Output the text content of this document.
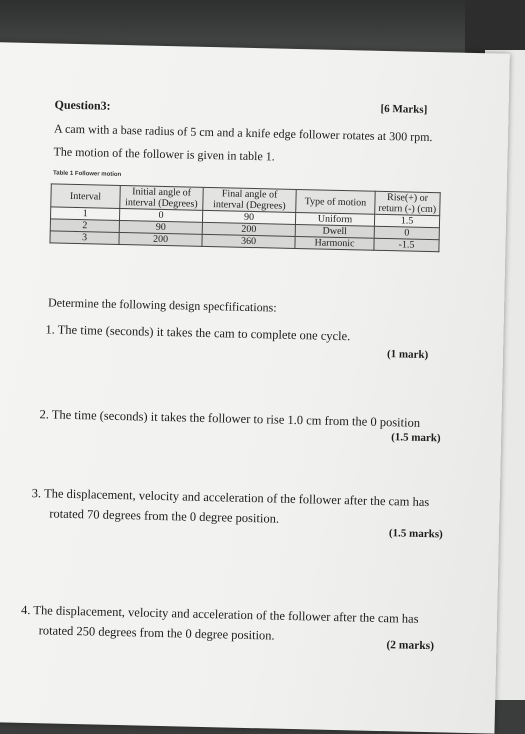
Question3:	[6 Marks]
A cam with a base radius of 5 cm and a knife edge follower rotates at 300 rpm.
The motion of the follower is given in table 1.
Table 1 Follower motion
Interval	Initial angle of interval (Degrees)	Final angle of interval (Degrees)	Type of motion	Rise(+) or return (-) (cm)
1	0	90	Uniform	1.5
2	90	200	Dwell	0
3	200	360	Harmonic	-1.5
Determine the following design specfifications:
1. The time (seconds) it takes the cam to complete one cycle.
(1 mark)
2. The time (seconds) it takes the follower to rise 1.0 cm from the 0 position
(1.5 mark)
3. The displacement, velocity and acceleration of the follower after the cam has
rotated 70 degrees from the 0 degree position.
(1.5 marks)
4. The displacement, velocity and acceleration of the follower after the cam has
rotated 250 degrees from the 0 degree position.
(2 marks)
